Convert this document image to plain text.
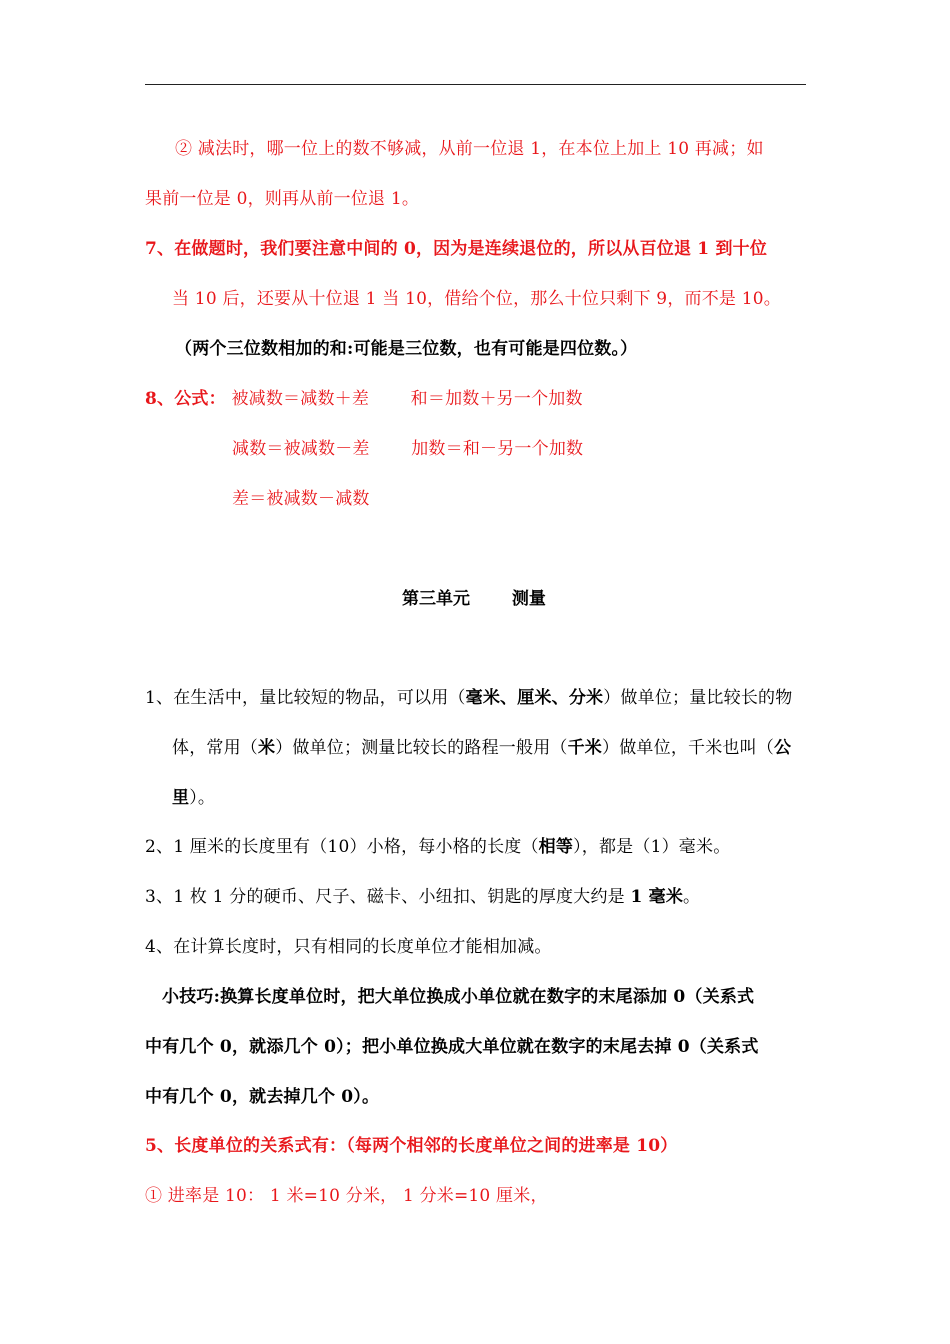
② 减法时，哪一位上的数不够减，从前一位退 1，在本位上加上 10 再减；如
果前一位是 0，则再从前一位退 1。
7、在做题时，我们要注意中间的 0，因为是连续退位的，所以从百位退 1 到十位
当 10 后，还要从十位退 1 当 10，借给个位，那么十位只剩下 9，而不是 10。
（两个三位数相加的和:可能是三位数，也有可能是四位数。）
8、公式： 被减数＝减数＋差 和＝加数＋另一个加数
减数＝被减数－差 加数＝和－另一个加数
差＝被减数－减数
第三单元 测量
1、在生活中，量比较短的物品，可以用（毫米、厘米、分米）做单位；量比较长的物
体，常用（米）做单位；测量比较长的路程一般用（千米）做单位，千米也叫（公
里）。
2、1 厘米的长度里有（10）小格，每小格的长度（相等），都是（1）毫米。
3、1 枚 1 分的硬币、尺子、磁卡、小纽扣、钥匙的厚度大约是 1 毫米。
4、在计算长度时，只有相同的长度单位才能相加减。
小技巧:换算长度单位时，把大单位换成小单位就在数字的末尾添加 0（关系式
中有几个 0，就添几个 0）；把小单位换成大单位就在数字的末尾去掉 0（关系式
中有几个 0，就去掉几个 0）。
5、长度单位的关系式有：（每两个相邻的长度单位之间的进率是 10）
① 进率是 10： 1 米=10 分米， 1 分米=10 厘米，
